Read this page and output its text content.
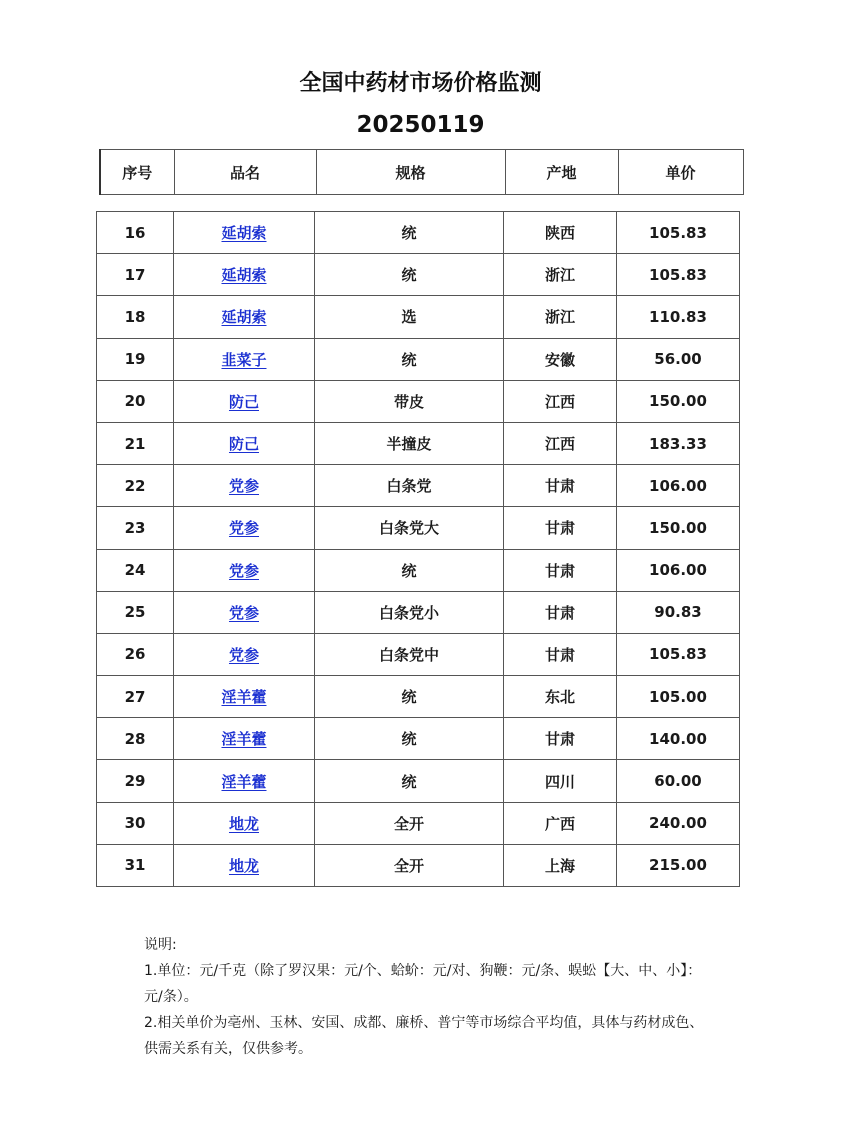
全国中药材市场价格监测
20250119
序号	品名	规格	产地	单价
16	延胡索	统	陕西	105.83
17	延胡索	统	浙江	105.83
18	延胡索	选	浙江	110.83
19	韭菜子	统	安徽	56.00
20	防己	带皮	江西	150.00
21	防己	半撞皮	江西	183.33
22	党参	白条党	甘肃	106.00
23	党参	白条党大	甘肃	150.00
24	党参	统	甘肃	106.00
25	党参	白条党小	甘肃	90.83
26	党参	白条党中	甘肃	105.83
27	淫羊藿	统	东北	105.00
28	淫羊藿	统	甘肃	140.00
29	淫羊藿	统	四川	60.00
30	地龙	全开	广西	240.00
31	地龙	全开	上海	215.00

说明:

1.单位：元/千克（除了罗汉果：元/个、蛤蚧：元/对、狗鞭：元/条、蜈蚣【大、中、小】：元/条）。

2.相关单价为亳州、玉林、安国、成都、廉桥、普宁等市场综合平均值，具体与药材成色、供需关系有关，仅供参考。
